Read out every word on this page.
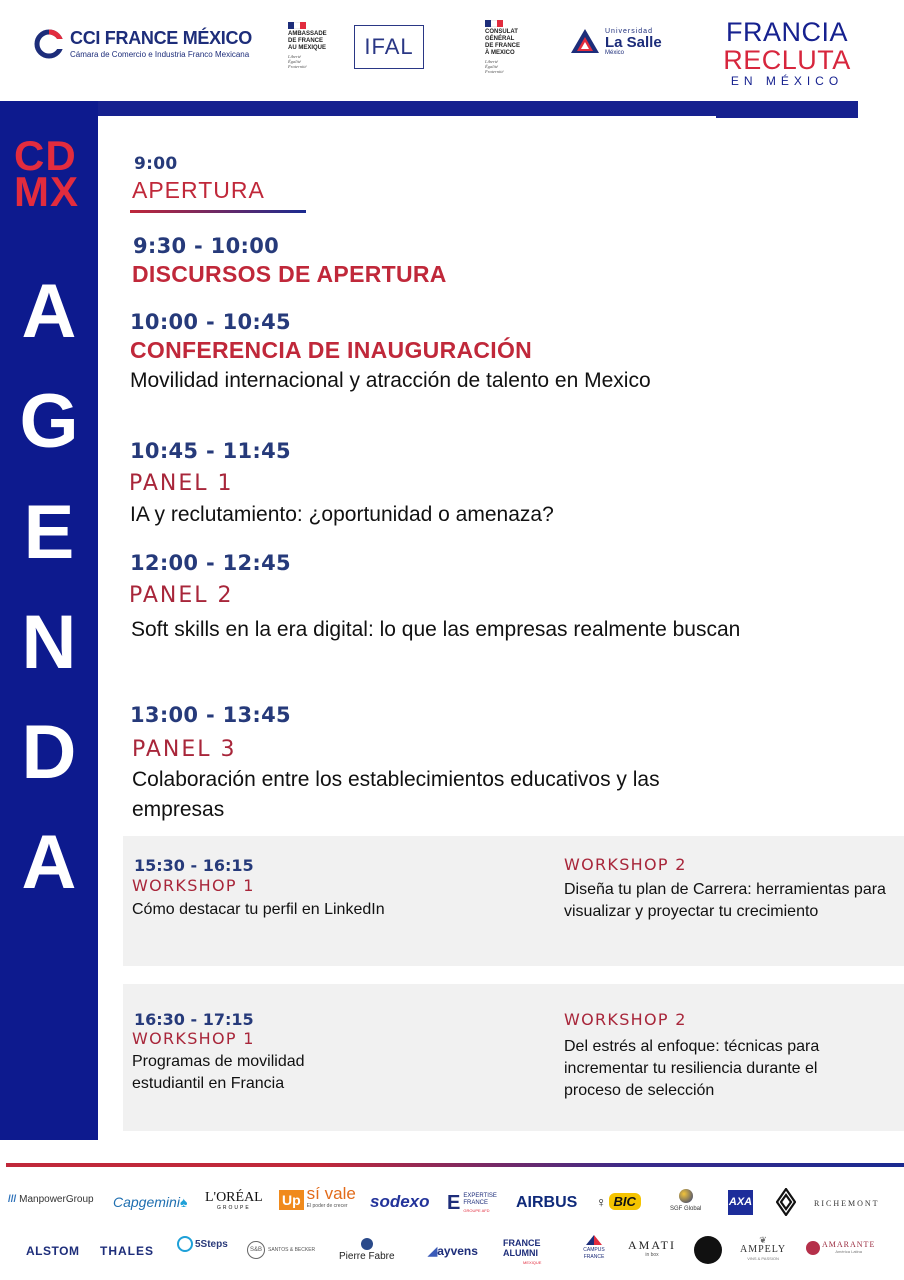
CCI FRANCE MÉXICO
Cámara de Comercio e Industria Franco Mexicana
AMBASSADE
DE FRANCE
AU MEXIQUE
Liberté
Égalité
Fraternité
IFAL
CONSULAT
GÉNÉRAL
DE FRANCE
À MEXICO
Liberté
Égalité
Fraternité
Universidad
La Salle
México
FRANCIA
RECLUTA
EN MÉXICO
CD
MX
A
G
E
N
D
A
9:00
APERTURA
9:30 - 10:00
DISCURSOS DE APERTURA
10:00 - 10:45
CONFERENCIA DE INAUGURACIÓN
Movilidad internacional y atracción de talento en Mexico
10:45 - 11:45
PANEL 1
IA y reclutamiento: ¿oportunidad o amenaza?
12:00 - 12:45
PANEL 2
Soft skills en la era digital: lo que las empresas realmente buscan
13:00 - 13:45
PANEL 3
Colaboración entre los establecimientos educativos y las empresas
15:30 - 16:15
WORKSHOP 1
Cómo destacar tu perfil en LinkedIn
WORKSHOP 2
Diseña tu plan de Carrera: herramientas para visualizar y proyectar tu crecimiento
16:30 - 17:15
WORKSHOP 1
Programas de movilidad estudiantil en Francia
WORKSHOP 2
Del estrés al enfoque: técnicas para incrementar tu resiliencia durante el proceso de selección
/// ManpowerGroup Capgemini♠ L'ORÉAL
GROUPE	Up sí vale
El poder de crecer	sodexo E EXPERTISE FRANCE
GROUPE AFD	AIRBUS ♀ BIC	SGF Global
AXA	RICHEMONT
ALSTOM THALES	5Steps
S&B	SANTOS & BECKER
Pierre Fabre	◢ayvens
FRANCE ALUMNI
MEXIQUE
CAMPUS FRANCE
AMATI
in box
❦
AMPELY
VINS & PASSION
AMARANTE
América Latina
